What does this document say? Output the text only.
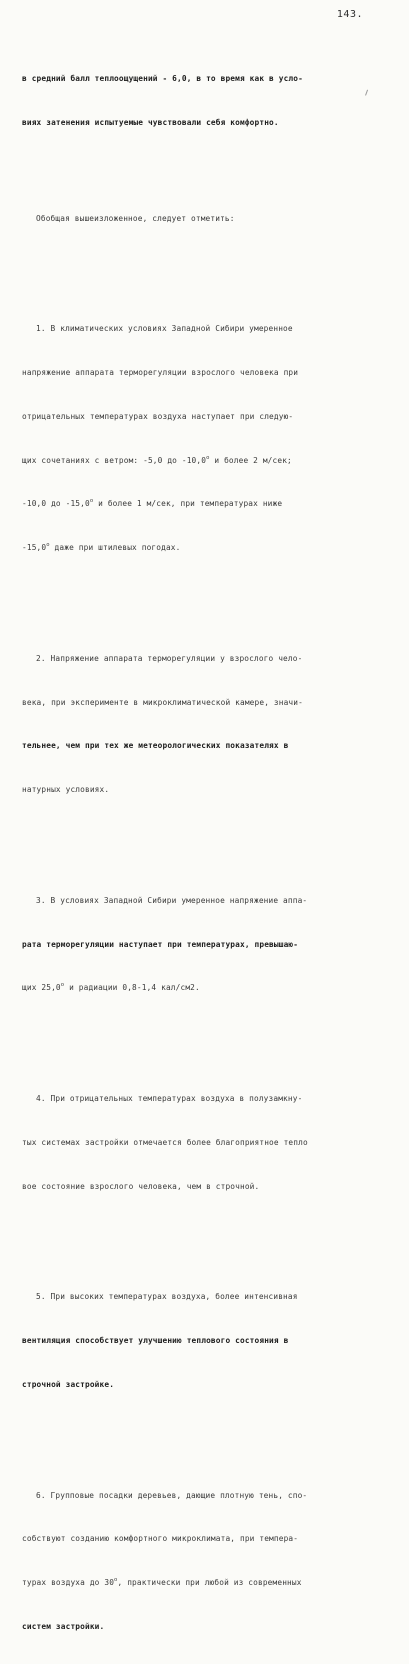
143.

в средний балл теплоощущений - 6,0, в то время как в усло-

виях затенения испытуемые чувствовали себя комфортно.

Обобщая вышеизложенное, следует отметить:

1. В климатических условиях Западной Сибири умеренное

напряжение аппарата терморегуляции взрослого человека при

отрицательных температурах воздуха наступает при следую-

щих сочетаниях с ветром: -5,0 до -10,0$^o$ и более 2 м/сек;

-10,0 до -15,0$^o$ и более 1 м/сек, при температурах ниже

-15,0$^o$ даже при штилевых погодах.

2. Напряжение аппарата терморегуляции у взрослого чело-

века, при эксперименте в микроклиматической камере, значи-

тельнее, чем при тех же метеорологических показателях в

натурных условиях.

3. В условиях Западной Сибири умеренное напряжение аппа-

рата терморегуляции наступает при температурах, превышаю-

щих 25,0$^o$ и радиации 0,8-1,4 кал/см2.

4. При отрицательных температурах воздуха в полузамкну-

тых системах застройки отмечается более благоприятное тепло

вое состояние взрослого человека, чем в строчной.

5. При высоких температурах воздуха, более интенсивная

вентиляция способствует улучшению теплового состояния в

строчной застройке.

6. Групповые посадки деревьев, дающие плотную тень, спо-

собствуют созданию комфортного микроклимата, при темпера-

турах воздуха до 30$^o$, практически при любой из современных

систем застройки.
